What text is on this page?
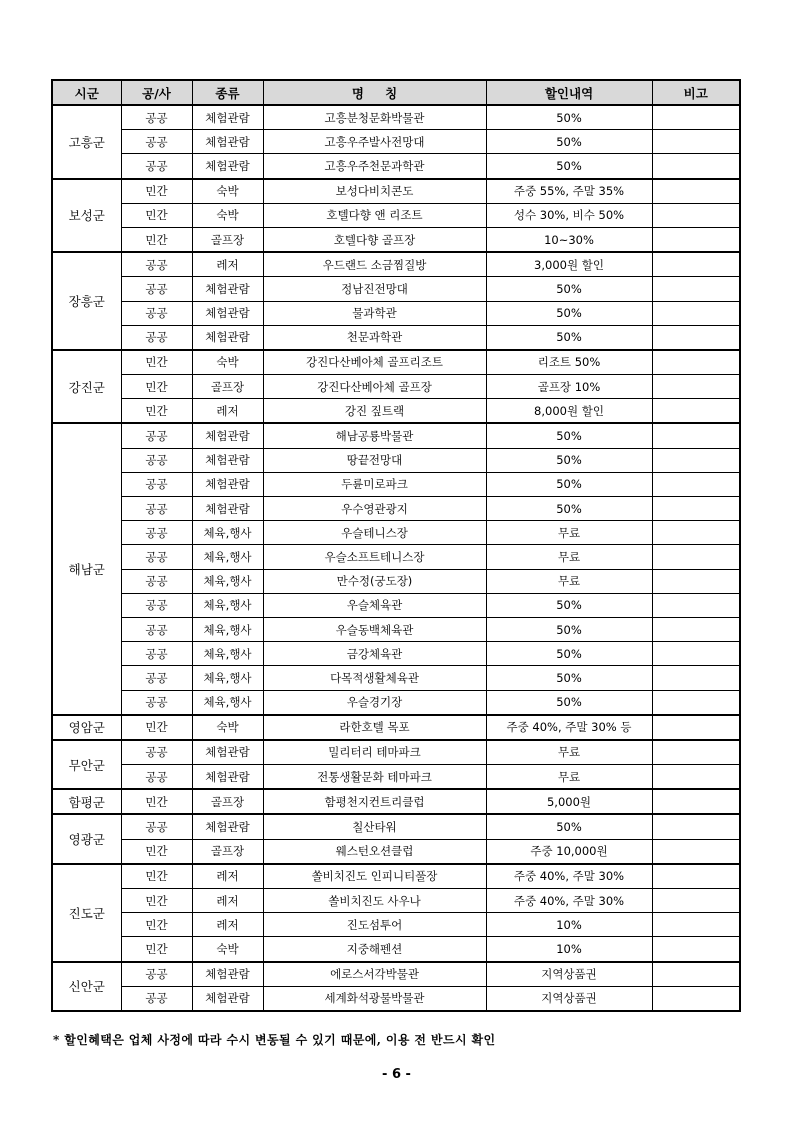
시군	공/사	종류	명 　 칭	할인내역	비고
고흥군	공공	체험관람	고흥분청문화박물관	50%	
	공공	체험관람	고흥우주발사전망대	50%	
	공공	체험관람	고흥우주천문과학관	50%	
보성군	민간	숙박	보성다비치콘도	주중 55%, 주말 35%	
	민간	숙박	호텔다향 앤 리조트	성수 30%, 비수 50%	
	민간	골프장	호텔다향 골프장	10~30%	
장흥군	공공	레저	우드랜드 소금찜질방	3,000원 할인	
	공공	체험관람	정남진전망대	50%	
	공공	체험관람	물과학관	50%	
	공공	체험관람	천문과학관	50%	
강진군	민간	숙박	강진다산베아체 골프리조트	리조트 50%	
	민간	골프장	강진다산베아체 골프장	골프장 10%	
	민간	레저	강진 짚트랙	8,000원 할인	
해남군	공공	체험관람	해남공룡박물관	50%	
	공공	체험관람	땅끝전망대	50%	
	공공	체험관람	두륜미로파크	50%	
	공공	체험관람	우수영관광지	50%	
	공공	체육,행사	우슬테니스장	무료	
	공공	체육,행사	우슬소프트테니스장	무료	
	공공	체육,행사	만수정(궁도장)	무료	
	공공	체육,행사	우슬체육관	50%	
	공공	체육,행사	우슬동백체육관	50%	
	공공	체육,행사	금강체육관	50%	
	공공	체육,행사	다목적생활체육관	50%	
	공공	체육,행사	우슬경기장	50%	
영암군	민간	숙박	라한호텔 목포	주중 40%, 주말 30% 등	
무안군	공공	체험관람	밀리터리 테마파크	무료	
	공공	체험관람	전통생활문화 테마파크	무료	
함평군	민간	골프장	함평천지컨트리클럽	5,000원	
영광군	공공	체험관람	칠산타워	50%	
	민간	골프장	웨스턴오션클럽	주중 10,000원	
진도군	민간	레저	쏠비치진도 인피니티풀장	주중 40%, 주말 30%	
	민간	레저	쏠비치진도 사우나	주중 40%, 주말 30%	
	민간	레저	진도섬투어	10%	
	민간	숙박	지중해펜션	10%	
신안군	공공	체험관람	에로스서각박물관	지역상품권	
	공공	체험관람	세계화석광물박물관	지역상품권	
* 할인혜택은 업체 사정에 따라 수시 변동될 수 있기 때문에, 이용 전 반드시 확인
- 6 -
